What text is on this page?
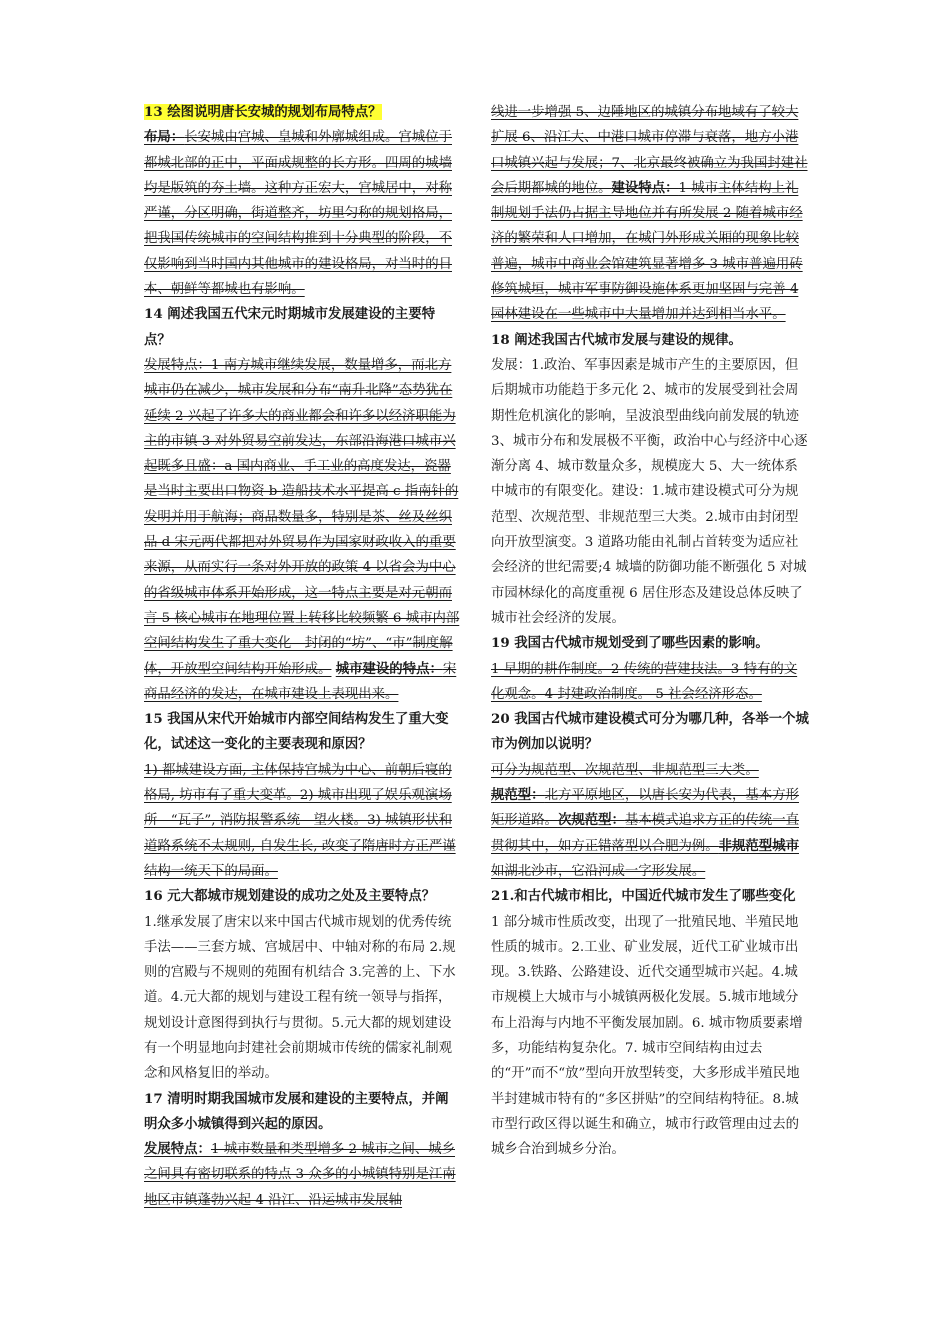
13 绘图说明唐长安城的规划布局特点？

布局：长安城由宫城、皇城和外廓城组成。宫城位于都城北部的正中，平面成规整的长方形。四周的城墙均是版筑的夯土墙。这种方正宏大，宫城居中，对称严谨，分区明确，街道整齐，坊里匀称的规划格局，把我国传统城市的空间结构推到十分典型的阶段，不仅影响到当时国内其他城市的建设格局，对当时的日本、朝鲜等都城也有影响。

14 阐述我国五代宋元时期城市发展建设的主要特点？

发展特点：1 南方城市继续发展，数量增多，而北方城市仍在减少，城市发展和分布“南升北降”态势犹在延续 2 兴起了许多大的商业都会和许多以经济职能为主的市镇 3 对外贸易空前发达，东部沿海港口城市兴起既多且盛：a 国内商业、手工业的高度发达，瓷器是当时主要出口物资 b 造船技术水平提高 c 指南针的发明并用于航海；商品数量多，特别是茶、丝及丝织品 d 宋元两代都把对外贸易作为国家财政收入的重要来源，从而实行一条对外开放的政策 4 以省会为中心的省级城市体系开始形成，这一特点主要是对元朝而言 5 核心城市在地理位置上转移比较频繁 6 城市内部空间结构发生了重大变化—封闭的“坊”、“市”制度解体，开放型空间结构开始形成。 城市建设的特点：宋商品经济的发达，在城市建设上表现出来。

15 我国从宋代开始城市内部空间结构发生了重大变化，试述这一变化的主要表现和原因？

1) 都城建设方面, 主体保持宫城为中心、前朝后寝的格局, 坊市有了重大变革。2) 城市出现了娱乐观演场所—“瓦子”, 消防报警系统—望火楼。3) 城镇形状和道路系统不太规则, 自发生长, 改变了隋唐时方正严谨结构一统天下的局面。

16 元大都城市规划建设的成功之处及主要特点？

1.继承发展了唐宋以来中国古代城市规划的优秀传统手法——三套方城、宫城居中、中轴对称的布局 2.规则的宫殿与不规则的苑囿有机结合 3.完善的上、下水道。4.元大都的规划与建设工程有统一领导与指挥，规划设计意图得到执行与贯彻。5.元大都的规划建设有一个明显地向封建社会前期城市传统的儒家礼制观念和风格复旧的举动。

17 清明时期我国城市发展和建设的主要特点，并阐明众多小城镇得到兴起的原因。

发展特点：1 城市数量和类型增多 2 城市之间、城乡之间具有密切联系的特点 3 众多的小城镇特别是江南地区市镇蓬勃兴起 4 沿江、沿运城市发展轴

线进一步增强 5、边陲地区的城镇分布地域有了较大扩展 6、沿江大、中港口城市停滞与衰落，地方小港口城镇兴起与发展；7、北京最终被确立为我国封建社会后期都城的地位。建设特点：1 城市主体结构上礼制规划手法仍占据主导地位并有所发展 2 随着城市经济的繁荣和人口增加，在城门外形成关厢的现象比较普遍，城市中商业会馆建筑显著增多 3 城市普遍用砖修筑城垣，城市军事防御设施体系更加坚固与完善 4 园林建设在一些城市中大量增加并达到相当水平。

18 阐述我国古代城市发展与建设的规律。

发展：1.政治、军事因素是城市产生的主要原因，但后期城市功能趋于多元化 2、城市的发展受到社会周期性危机演化的影响，呈波浪型曲线向前发展的轨迹 3、城市分布和发展极不平衡，政治中心与经济中心逐渐分离 4、城市数量众多，规模庞大 5、大一统体系中城市的有限变化。建设：1.城市建设模式可分为规范型、次规范型、非规范型三大类。2.城市由封闭型向开放型演变。3 道路功能由礼制占首转变为适应社会经济的世纪需要;4 城墙的防御功能不断强化 5 对城市园林绿化的高度重视 6 居住形态及建设总体反映了城市社会经济的发展。

19 我国古代城市规划受到了哪些因素的影响。

1 早期的耕作制度。2 传统的营建技法。3 特有的文化观念。4 封建政治制度。 5 社会经济形态。

20 我国古代城市建设模式可分为哪几种，各举一个城市为例加以说明？

可分为规范型、次规范型、非规范型三大类。
规范型：北方平原地区，以唐长安为代表，基本方形矩形道路。次规范型：基本模式追求方正的传统一直贯彻其中，如方正错落型以合肥为例。非规范型城市如湖北沙市，它沿河成一字形发展。

21.和古代城市相比，中国近代城市发生了哪些变化

1 部分城市性质改变，出现了一批殖民地、半殖民地性质的城市。2.工业、矿业发展，近代工矿业城市出现。3.铁路、公路建设、近代交通型城市兴起。4.城市规模上大城市与小城镇两极化发展。5.城市地域分布上沿海与内地不平衡发展加剧。6. 城市物质要素增多，功能结构复杂化。7. 城市空间结构由过去的“开”而不“放”型向开放型转变，大多形成半殖民地半封建城市特有的“多区拼贴”的空间结构特征。8.城市型行政区得以诞生和确立，城市行政管理由过去的城乡合治到城乡分治。
